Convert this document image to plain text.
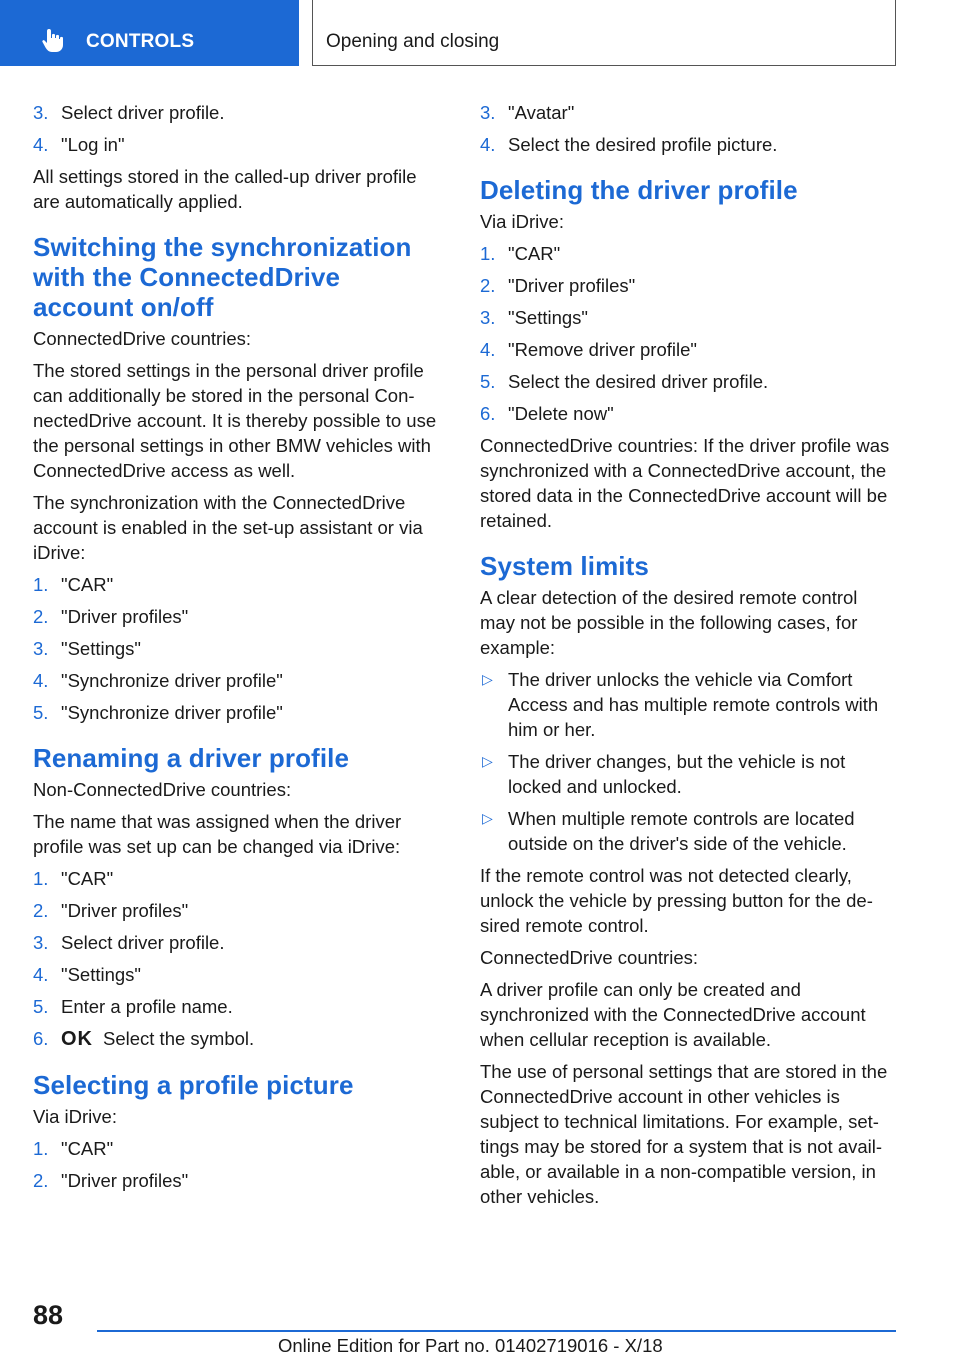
CONTROLS	Opening and closing
3. Select driver profile.
4. "Log in"

All settings stored in the called-up driver profile are automatically applied.

Switching the synchronization with the ConnectedDrive account on/off

ConnectedDrive countries:

The stored settings in the personal driver profile can additionally be stored in the personal ConnectedDrive account. It is thereby possible to use the personal settings in other BMW vehicles with ConnectedDrive access as well.

The synchronization with the ConnectedDrive account is enabled in the set-up assistant or via iDrive:

1. "CAR"
2. "Driver profiles"
3. "Settings"
4. "Synchronize driver profile"
5. "Synchronize driver profile"
Renaming a driver profile

Non-ConnectedDrive countries:

The name that was assigned when the driver profile was set up can be changed via iDrive:

1. "CAR"
2. "Driver profiles"
3. Select driver profile.
4. "Settings"
5. Enter a profile name.
6. OK Select the symbol.
Selecting a profile picture

Via iDrive:

1. "CAR"
2. "Driver profiles"
3. "Avatar"
4. Select the desired profile picture.
Deleting the driver profile

Via iDrive:

1. "CAR"
2. "Driver profiles"
3. "Settings"
4. "Remove driver profile"
5. Select the desired driver profile.
6. "Delete now"

ConnectedDrive countries: If the driver profile was synchronized with a ConnectedDrive account, the stored data in the ConnectedDrive account will be retained.

System limits

A clear detection of the desired remote control may not be possible in the following cases, for example:

▷ The driver unlocks the vehicle via Comfort Access and has multiple remote controls with him or her.
▷ The driver changes, but the vehicle is not locked and unlocked.
▷ When multiple remote controls are located outside on the driver's side of the vehicle.

If the remote control was not detected clearly, unlock the vehicle by pressing button for the desired remote control.

ConnectedDrive countries:

A driver profile can only be created and synchronized with the ConnectedDrive account when cellular reception is available.

The use of personal settings that are stored in the ConnectedDrive account in other vehicles is subject to technical limitations. For example, settings may be stored for a system that is not available, or available in a non-compatible version, in other vehicles.

88
Online Edition for Part no. 01402719016 - X/18
